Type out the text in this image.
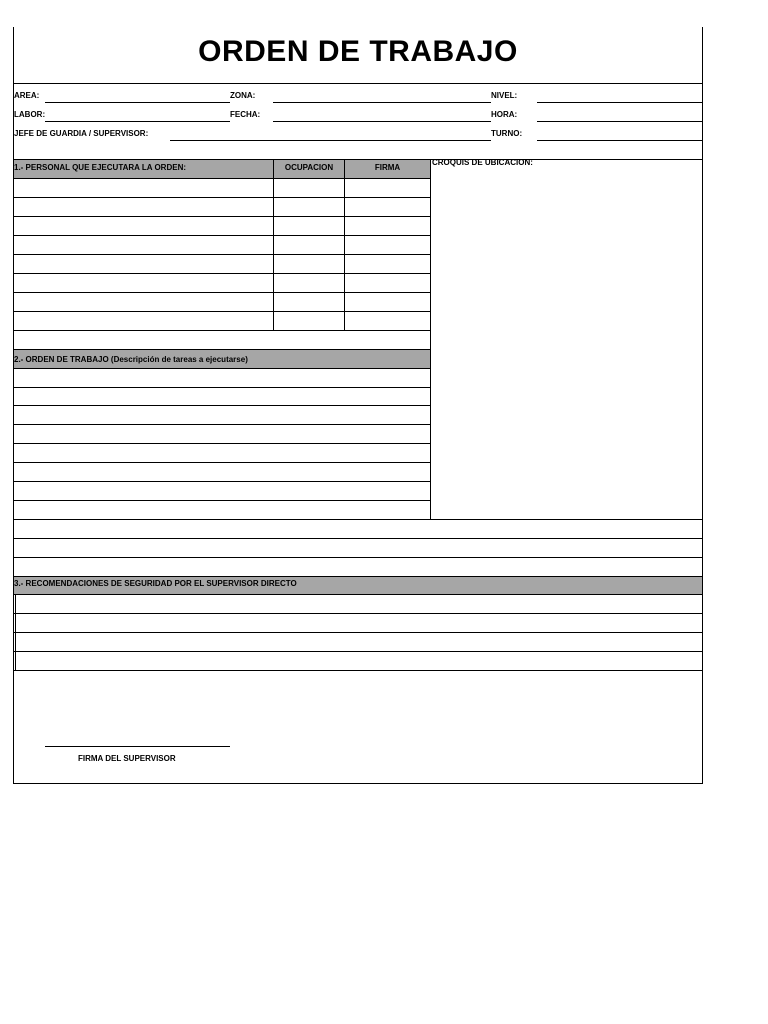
ORDEN DE TRABAJO
AREA:	ZONA:	NIVEL:
LABOR:	FECHA:	HORA:
JEFE DE GUARDIA / SUPERVISOR:	TURNO:
1.- PERSONAL QUE EJECUTARA LA ORDEN:	OCUPACION	FIRMA
CROQUIS DE UBICACION:
2.- ORDEN DE TRABAJO (Descripción de tareas a ejecutarse)
3.- RECOMENDACIONES DE SEGURIDAD POR EL SUPERVISOR DIRECTO
FIRMA DEL SUPERVISOR
